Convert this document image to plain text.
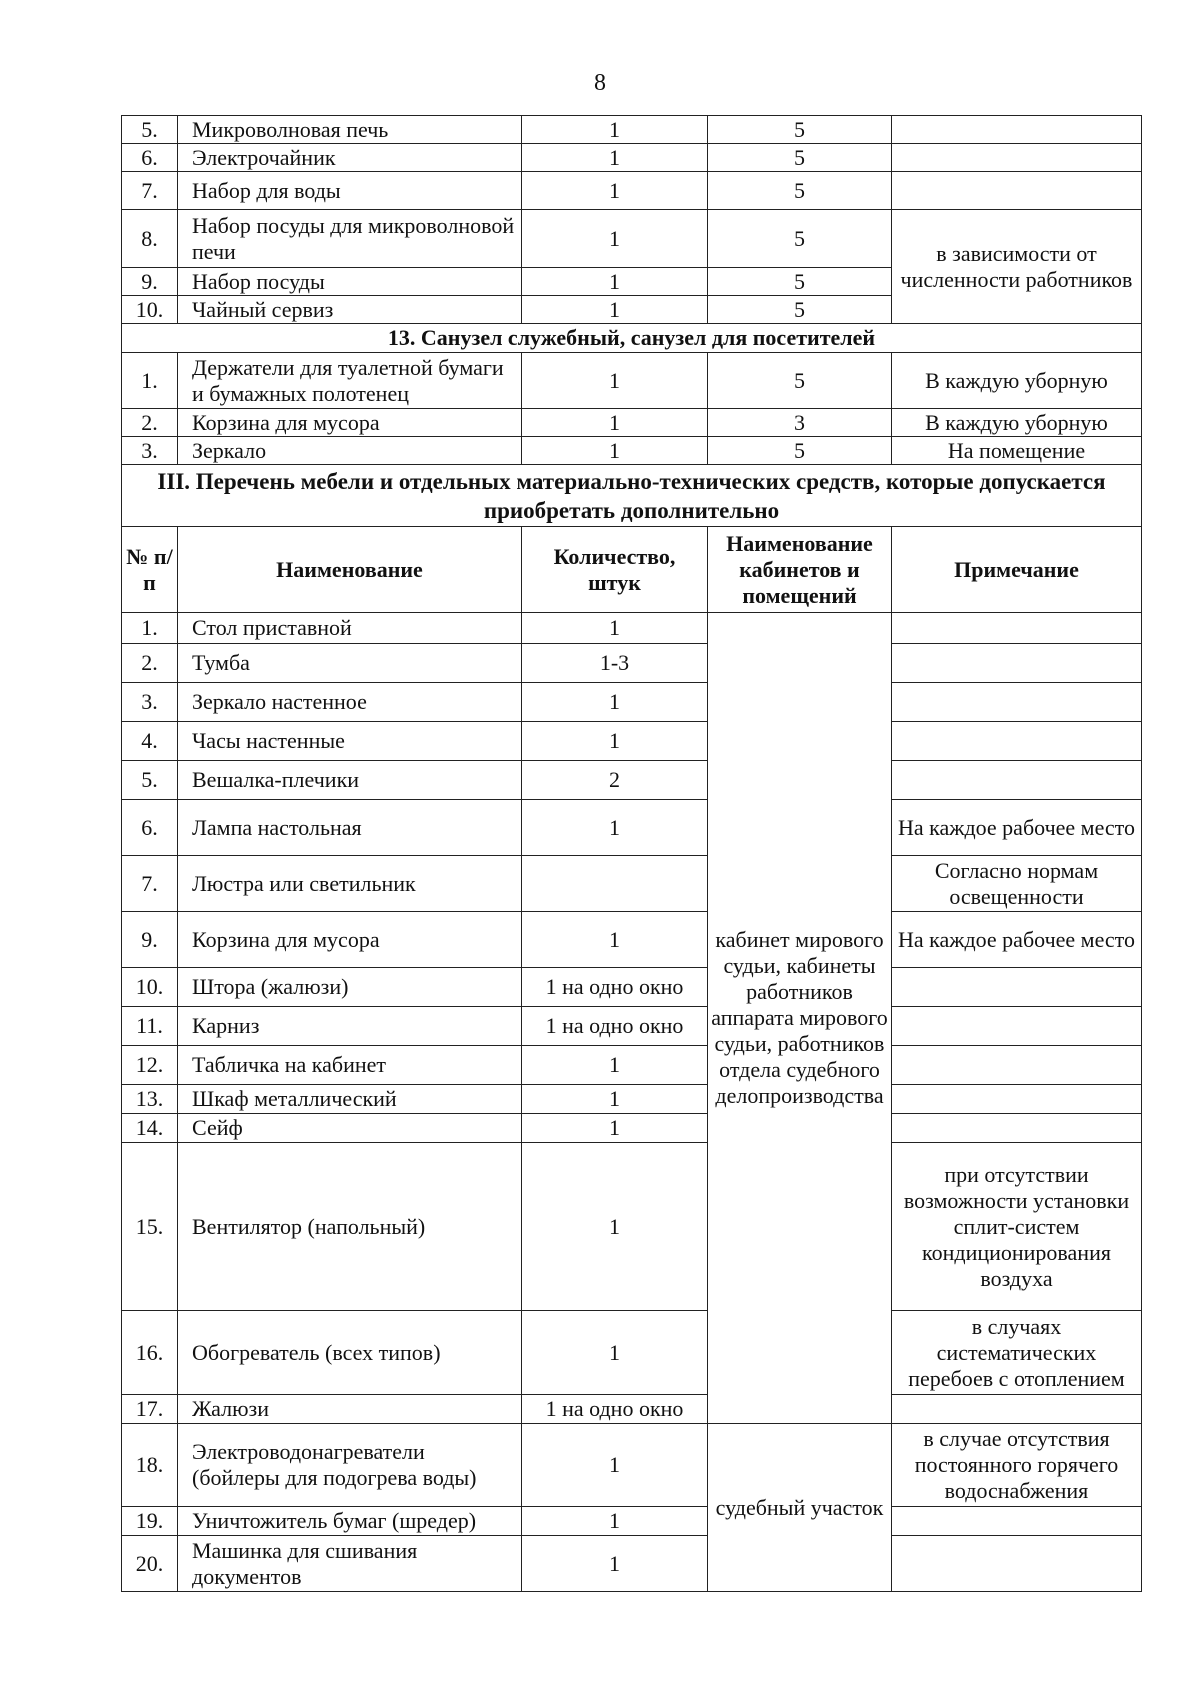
8
5.	Микроволновая печь	1	5	
6.	Электрочайник	1	5	
7.	Набор для воды	1	5	
8.	Набор посуды для микроволновой печи	1	5	в зависимости от численности работников
9.	Набор посуды	1	5	
10.	Чайный сервиз	1	5	
13. Санузел служебный, санузел для посетителей				
1.	Держатели для туалетной бумаги и бумажных полотенец	1	5	В каждую уборную
2.	Корзина для мусора	1	3	В каждую уборную
3.	Зеркало	1	5	На помещение
III. Перечень мебели и отдельных материально-технических средств, которые допускается приобретать дополнительно				
№ п/п	Наименование	Количество, штук	Наименование кабинетов и помещений	Примечание
1.	Стол приставной	1	кабинет мирового судьи, кабинеты работников аппарата мирового судьи, работников отдела судебного делопроизводства	
2.	Тумба	1-3		
3.	Зеркало настенное	1		
4.	Часы настенные	1		
5.	Вешалка-плечики	2		
6.	Лампа настольная	1		На каждое рабочее место
7.	Люстра или светильник			Согласно нормам освещенности
9.	Корзина для мусора	1		На каждое рабочее место
10.	Штора (жалюзи)	1 на одно окно		
11.	Карниз	1 на одно окно		
12.	Табличка на кабинет	1		
13.	Шкаф металлический	1		
14.	Сейф	1		
15.	Вентилятор (напольный)	1		при отсутствии возможности установки сплит-систем кондиционирования воздуха
16.	Обогреватель (всех типов)	1		в случаях систематических перебоев с отоплением
17.	Жалюзи	1 на одно окно		
18.	Электроводонагреватели (бойлеры для подогрева воды)	1	судебный участок	в случае отсутствия постоянного горячего водоснабжения
19.	Уничтожитель бумаг (шредер)	1		
20.	Машинка для сшивания документов	1		
